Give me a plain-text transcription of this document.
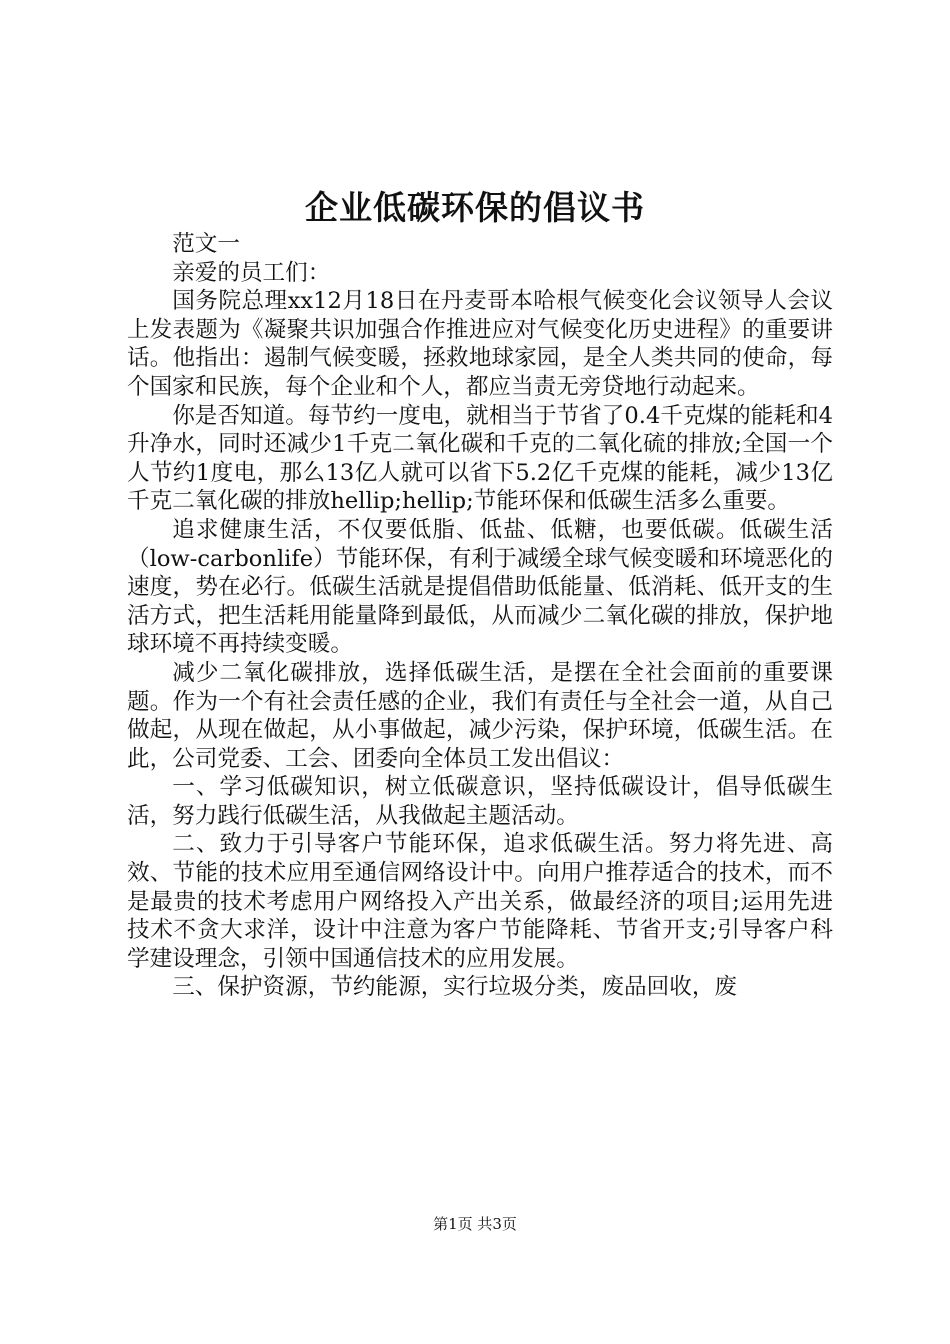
企业低碳环保的倡议书

范文一

亲爱的员工们：

国务院总理xx12月18日在丹麦哥本哈根气候变化会议领导人会议上发表题为《凝聚共识加强合作推进应对气候变化历史进程》的重要讲话。他指出：遏制气候变暖，拯救地球家园，是全人类共同的使命，每个国家和民族，每个企业和个人，都应当责无旁贷地行动起来。

你是否知道。每节约一度电，就相当于节省了0.4千克煤的能耗和4升净水，同时还减少1千克二氧化碳和千克的二氧化硫的排放;全国一个人节约1度电，那么13亿人就可以省下5.2亿千克煤的能耗，减少13亿千克二氧化碳的排放hellip;hellip;节能环保和低碳生活多么重要。

追求健康生活，不仅要低脂、低盐、低糖，也要低碳。低碳生活（low-carbonlife）节能环保，有利于减缓全球气候变暖和环境恶化的速度，势在必行。低碳生活就是提倡借助低能量、低消耗、低开支的生活方式，把生活耗用能量降到最低，从而减少二氧化碳的排放，保护地球环境不再持续变暖。

减少二氧化碳排放，选择低碳生活，是摆在全社会面前的重要课题。作为一个有社会责任感的企业，我们有责任与全社会一道，从自己做起，从现在做起，从小事做起，减少污染，保护环境，低碳生活。在此，公司党委、工会、团委向全体员工发出倡议：

一、学习低碳知识，树立低碳意识，坚持低碳设计，倡导低碳生活，努力践行低碳生活，从我做起主题活动。

二、致力于引导客户节能环保，追求低碳生活。努力将先进、高效、节能的技术应用至通信网络设计中。向用户推荐适合的技术，而不是最贵的技术考虑用户网络投入产出关系，做最经济的项目;运用先进技术不贪大求洋，设计中注意为客户节能降耗、节省开支;引导客户科学建设理念，引领中国通信技术的应用发展。

三、保护资源，节约能源，实行垃圾分类，废品回收，废

第1页 共3页
